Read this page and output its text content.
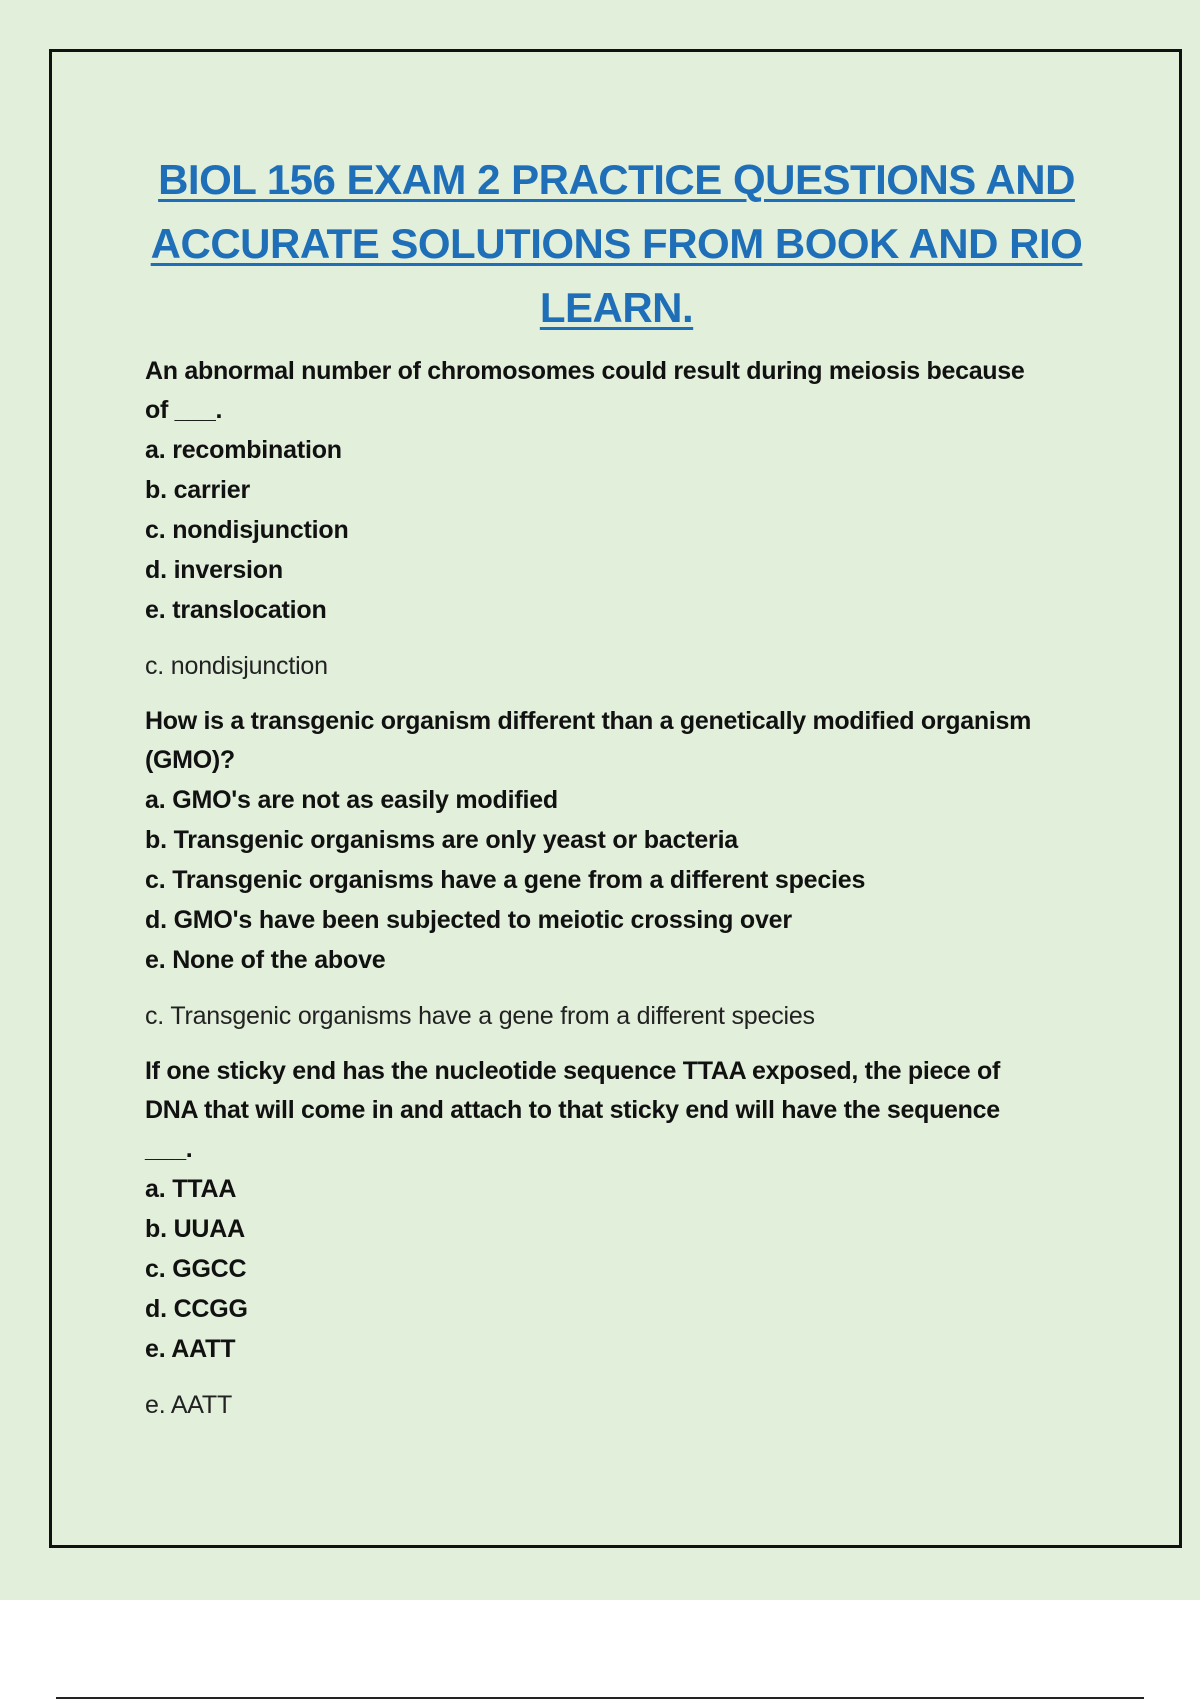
BIOL 156 EXAM 2 PRACTICE QUESTIONS AND
ACCURATE SOLUTIONS FROM BOOK AND RIO
LEARN.
An abnormal number of chromosomes could result during meiosis because
of ___.
a. recombination
b. carrier
c. nondisjunction
d. inversion
e. translocation
c. nondisjunction
How is a transgenic organism different than a genetically modified organism
(GMO)?
a. GMO's are not as easily modified
b. Transgenic organisms are only yeast or bacteria
c. Transgenic organisms have a gene from a different species
d. GMO's have been subjected to meiotic crossing over
e. None of the above
c. Transgenic organisms have a gene from a different species
If one sticky end has the nucleotide sequence TTAA exposed, the piece of
DNA that will come in and attach to that sticky end will have the sequence
___.
a. TTAA
b. UUAA
c. GGCC
d. CCGG
e. AATT
e. AATT
